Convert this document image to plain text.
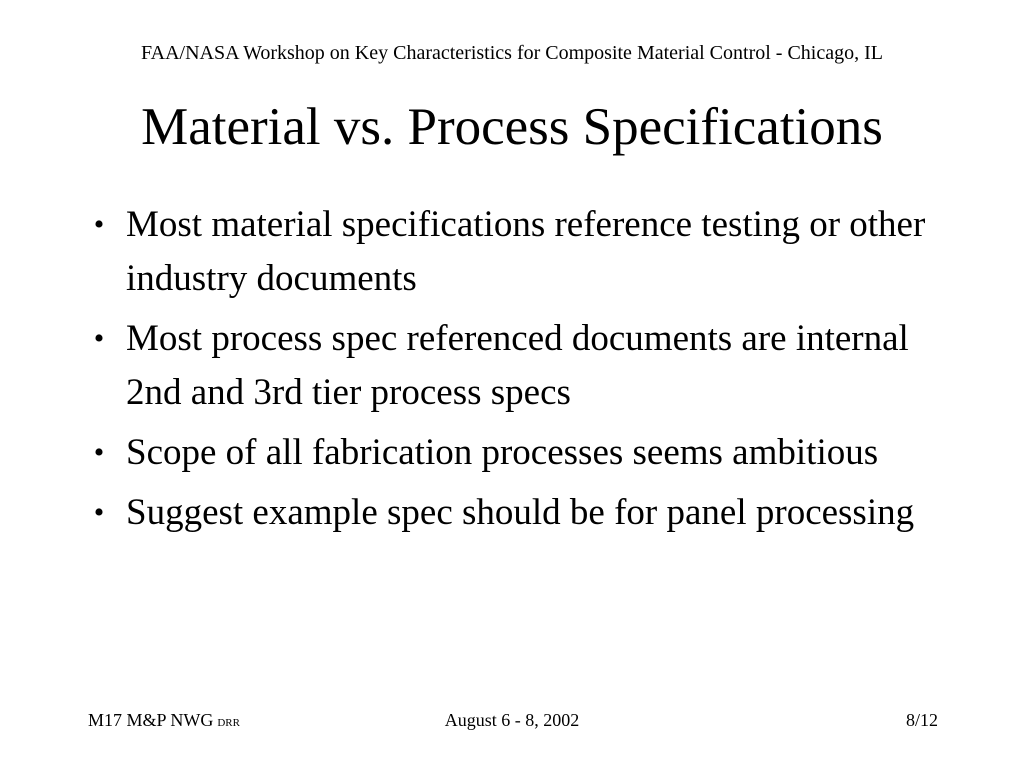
FAA/NASA Workshop on Key Characteristics for Composite Material Control - Chicago, IL
Material vs. Process Specifications
• Most material specifications reference testing or other industry documents
• Most process spec referenced documents are internal 2nd and 3rd tier process specs
• Scope of all fabrication processes seems ambitious
• Suggest example spec should be for panel processing
M17 M&P NWG DRR	August 6 - 8, 2002	8/12
